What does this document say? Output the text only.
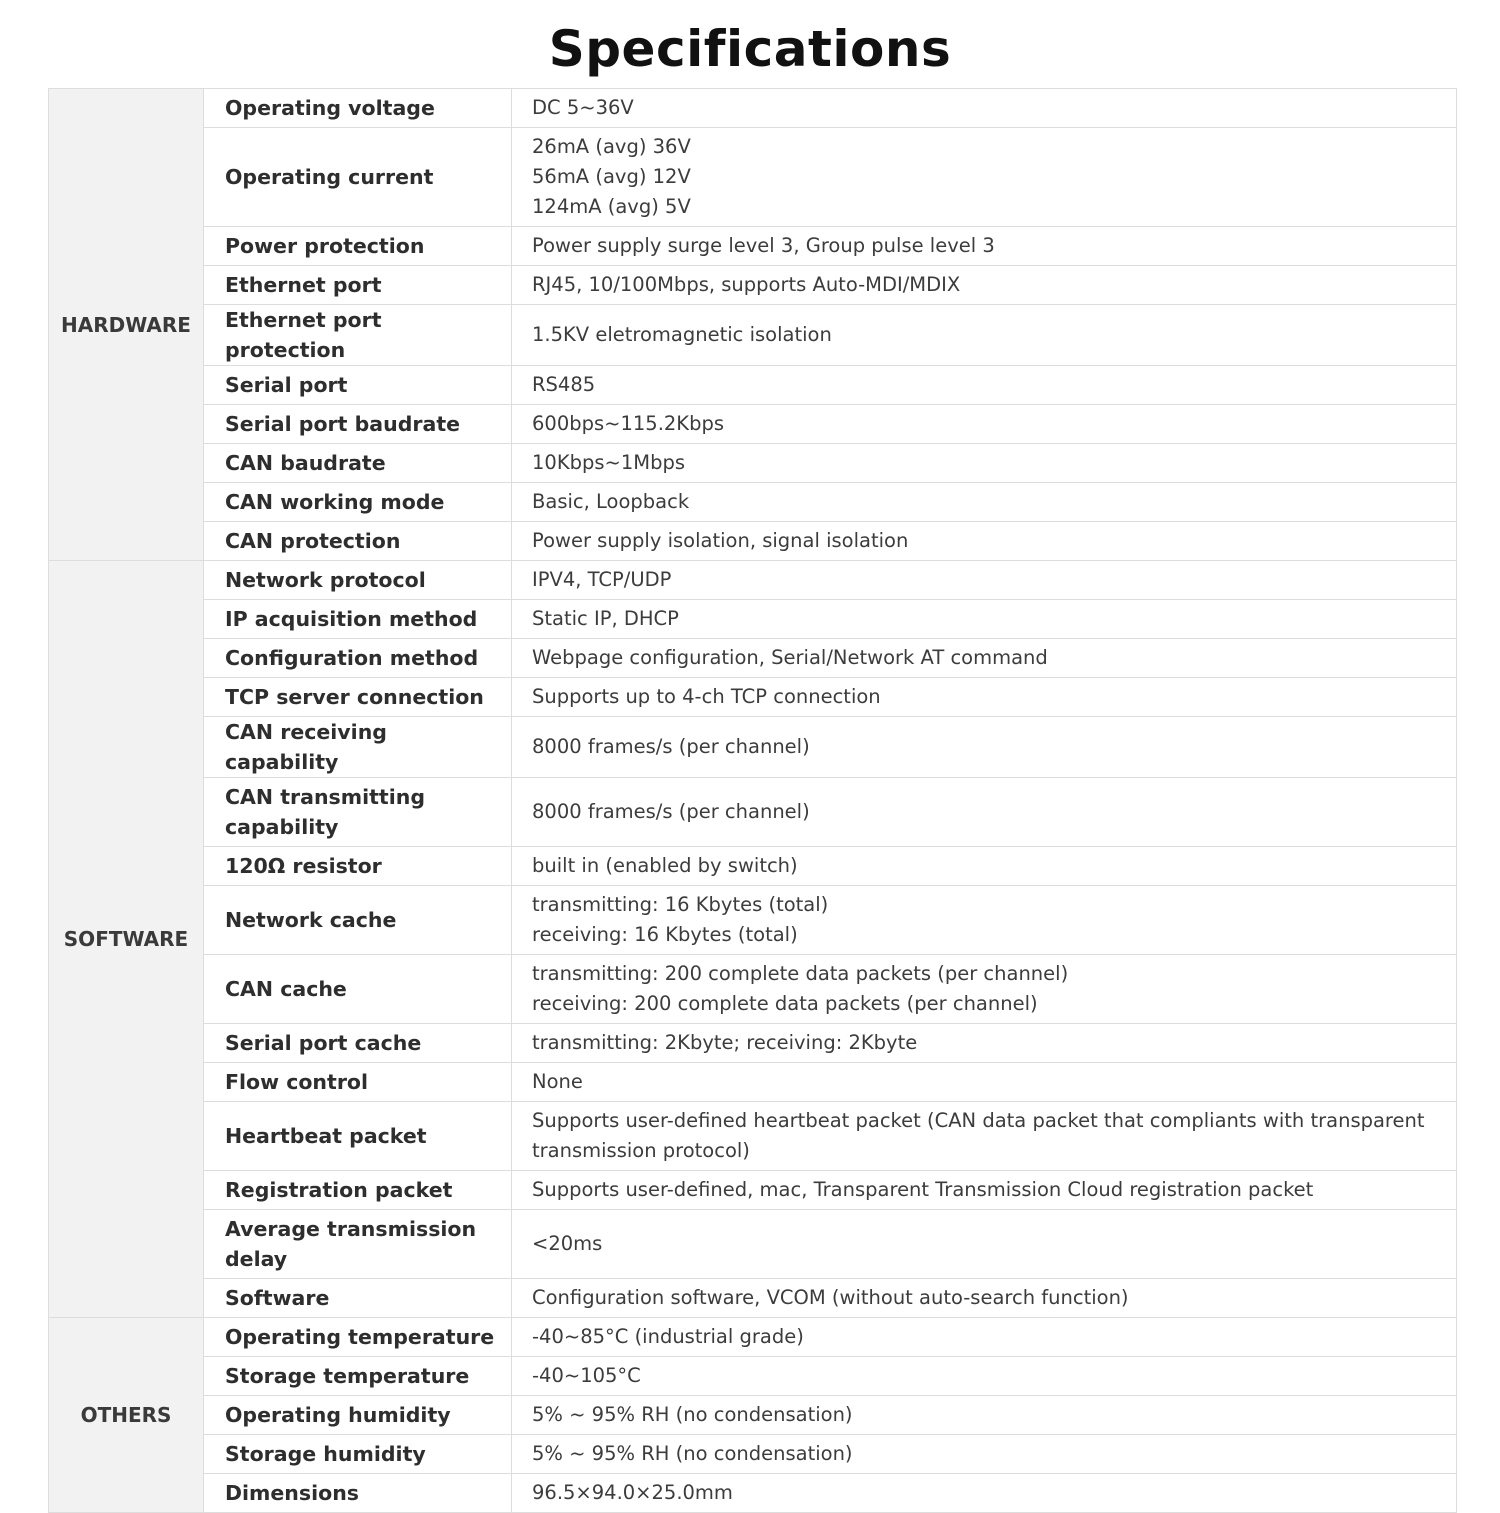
Specifications
HARDWARE	Operating voltage	DC 5~36V

	Operating current	26mA (avg) 36V
56mA (avg) 12V
124mA (avg) 5V

	Power protection	Power supply surge level 3, Group pulse level 3

	Ethernet port	RJ45, 10/100Mbps, supports Auto-MDI/MDIX

	Ethernet port protection	1.5KV eletromagnetic isolation

	Serial port	RS485

	Serial port baudrate	600bps~115.2Kbps

	CAN baudrate	10Kbps~1Mbps

	CAN working mode	Basic, Loopback

	CAN protection	Power supply isolation, signal isolation

SOFTWARE	Network protocol	IPV4, TCP/UDP

	IP acquisition method	Static IP, DHCP

	Configuration method	Webpage configuration, Serial/Network AT command

	TCP server connection	Supports up to 4-ch TCP connection

	CAN receiving capability	8000 frames/s (per channel)

	CAN transmitting capability	8000 frames/s (per channel)

	120Ω resistor	built in (enabled by switch)

	Network cache	transmitting: 16 Kbytes (total)
receiving: 16 Kbytes (total)

	CAN cache	transmitting: 200 complete data packets (per channel)
receiving: 200 complete data packets (per channel)

	Serial port cache	transmitting: 2Kbyte; receiving: 2Kbyte

	Flow control	None

	Heartbeat packet	Supports user-defined heartbeat packet (CAN data packet that compliants with transparent transmission protocol)

	Registration packet	Supports user-defined, mac, Transparent Transmission Cloud registration packet

	Average transmission delay	<20ms

	Software	Configuration software, VCOM (without auto-search function)

OTHERS	Operating temperature	-40~85°C (industrial grade)

	Storage temperature	-40~105°C

	Operating humidity	5% ~ 95% RH (no condensation)

	Storage humidity	5% ~ 95% RH (no condensation)

	Dimensions	96.5×94.0×25.0mm
